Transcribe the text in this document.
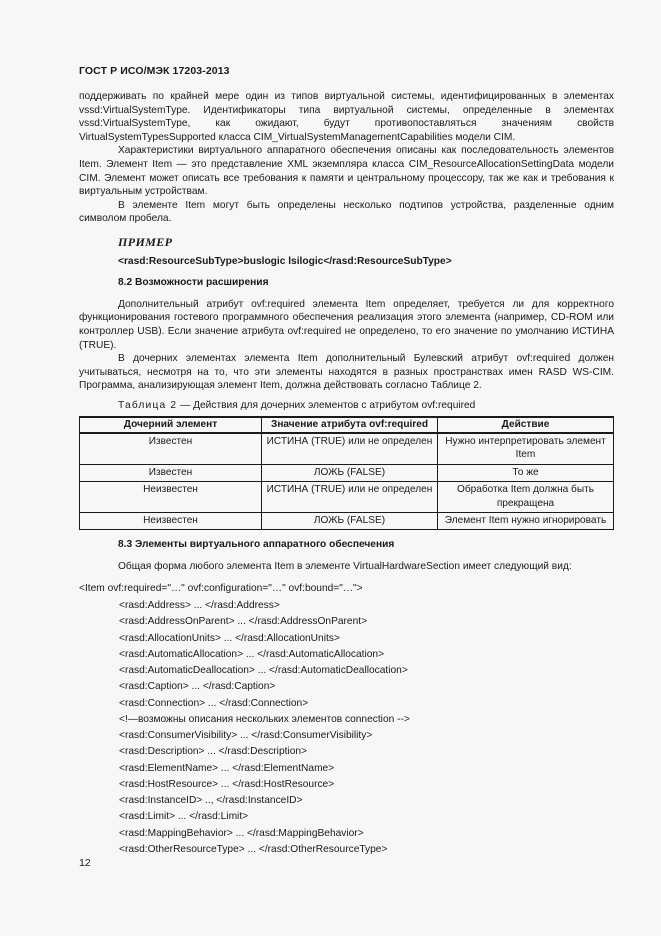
ГОСТ Р ИСО/МЭК 17203-2013

поддерживать по крайней мере один из типов виртуальной системы, идентифицированных в элементах vssd:VirtualSystemType. Идентификаторы типа виртуальной системы, определенные в элементах vssd:VirtualSystemType, как ожидают, будут противопоставляться значениям свойств VirtualSystemTypesSupported класса CIM_VirtualSystemManagementCapabilities модели CIM.

Характеристики виртуального аппаратного обеспечения описаны как последовательность элементов Item. Элемент Item — это представление XML экземпляра класса CIM_ResourceAllocationSettingData модели CIM. Элемент может описать все требования к памяти и центральному процессору, так же как и требования к виртуальным устройствам.

В элементе Item могут быть определены несколько подтипов устройства, разделенные одним символом пробела.

ПРИМЕР
<rasd:ResourceSubType>buslogic lsilogic</rasd:ResourceSubType>
8.2 Возможности расширения

Дополнительный атрибут ovf:required элемента Item определяет, требуется ли для корректного функционирования гостевого программного обеспечения реализация этого элемента (например, CD-ROM или контроллер USB). Если значение атрибута ovf:required не определено, то его значение по умолчанию ИСТИНА (TRUE).

В дочерних элементах элемента Item дополнительный Булевский атрибут ovf:required должен учитываться, несмотря на то, что эти элементы находятся в разных пространствах имен RASD WS-CIM. Программа, анализирующая элемент Item, должна действовать согласно Таблице 2.

Таблица 2 — Действия для дочерних элементов с атрибутом ovf:required
Дочерний элемент	Значение атрибута ovf:required	Действие
Известен	ИСТИНА (TRUE) или не определен	Нужно интерпретировать элемент Item
Известен	ЛОЖЬ (FALSE)	То же
Неизвестен	ИСТИНА (TRUE) или не определен	Обработка Item должна быть прекращена
Неизвестен	ЛОЖЬ (FALSE)	Элемент Item нужно игнорировать
8.3 Элементы виртуального аппаратного обеспечения

Общая форма любого элемента Item в элементе VirtualHardwareSection имеет следующий вид:

<Item ovf:required="…" ovf:configuration="…" ovf:bound="…">
<rasd:Address> ... </rasd:Address>
<rasd:AddressOnParent> ... </rasd:AddressOnParent>
<rasd:AllocationUnits> ... </rasd:AllocationUnits>
<rasd:AutomaticAllocation> ... </rasd:AutomaticAllocation>
<rasd:AutomaticDeallocation> ... </rasd:AutomaticDeallocation>
<rasd:Caption> ... </rasd:Caption>
<rasd:Connection> ... </rasd:Connection>
<!—возможны описания нескольких элементов connection -->
<rasd:ConsumerVisibility> ... </rasd:ConsumerVisibility>
<rasd:Description> ... </rasd:Description>
<rasd:ElementName> ... </rasd:ElementName>
<rasd:HostResource> ... </rasd:HostResource>
<rasd:InstanceID> .., </rasd:InstanceID>
<rasd:Limit> ... </rasd:Limit>
<rasd:MappingBehavior> ... </rasd:MappingBehavior>
<rasd:OtherResourceType> ... </rasd:OtherResourceType>
12
